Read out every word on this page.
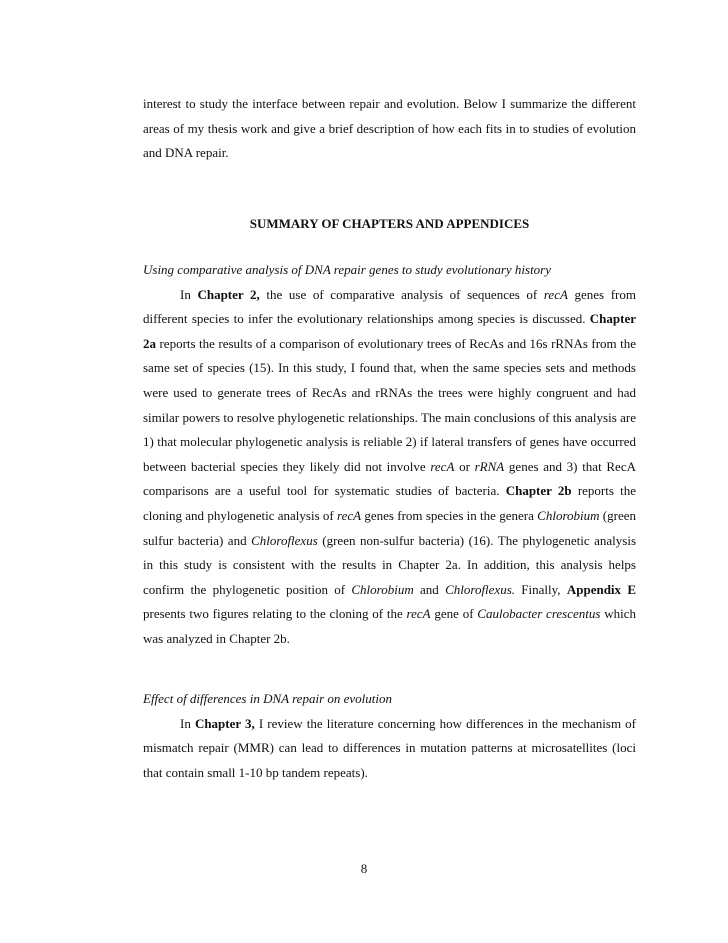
interest to study the interface between repair and evolution. Below I summarize the different areas of my thesis work and give a brief description of how each fits in to studies of evolution and DNA repair.

SUMMARY OF CHAPTERS AND APPENDICES

Using comparative analysis of DNA repair genes to study evolutionary history

In Chapter 2, the use of comparative analysis of sequences of recA genes from different species to infer the evolutionary relationships among species is discussed. Chapter 2a reports the results of a comparison of evolutionary trees of RecAs and 16s rRNAs from the same set of species (15). In this study, I found that, when the same species sets and methods were used to generate trees of RecAs and rRNAs the trees were highly congruent and had similar powers to resolve phylogenetic relationships. The main conclusions of this analysis are 1) that molecular phylogenetic analysis is reliable 2) if lateral transfers of genes have occurred between bacterial species they likely did not involve recA or rRNA genes and 3) that RecA comparisons are a useful tool for systematic studies of bacteria. Chapter 2b reports the cloning and phylogenetic analysis of recA genes from species in the genera Chlorobium (green sulfur bacteria) and Chloroflexus (green non-sulfur bacteria) (16). The phylogenetic analysis in this study is consistent with the results in Chapter 2a. In addition, this analysis helps confirm the phylogenetic position of Chlorobium and Chloroflexus. Finally, Appendix E presents two figures relating to the cloning of the recA gene of Caulobacter crescentus which was analyzed in Chapter 2b.

Effect of differences in DNA repair on evolution

In Chapter 3, I review the literature concerning how differences in the mechanism of mismatch repair (MMR) can lead to differences in mutation patterns at microsatellites (loci that contain small 1-10 bp tandem repeats).

8
